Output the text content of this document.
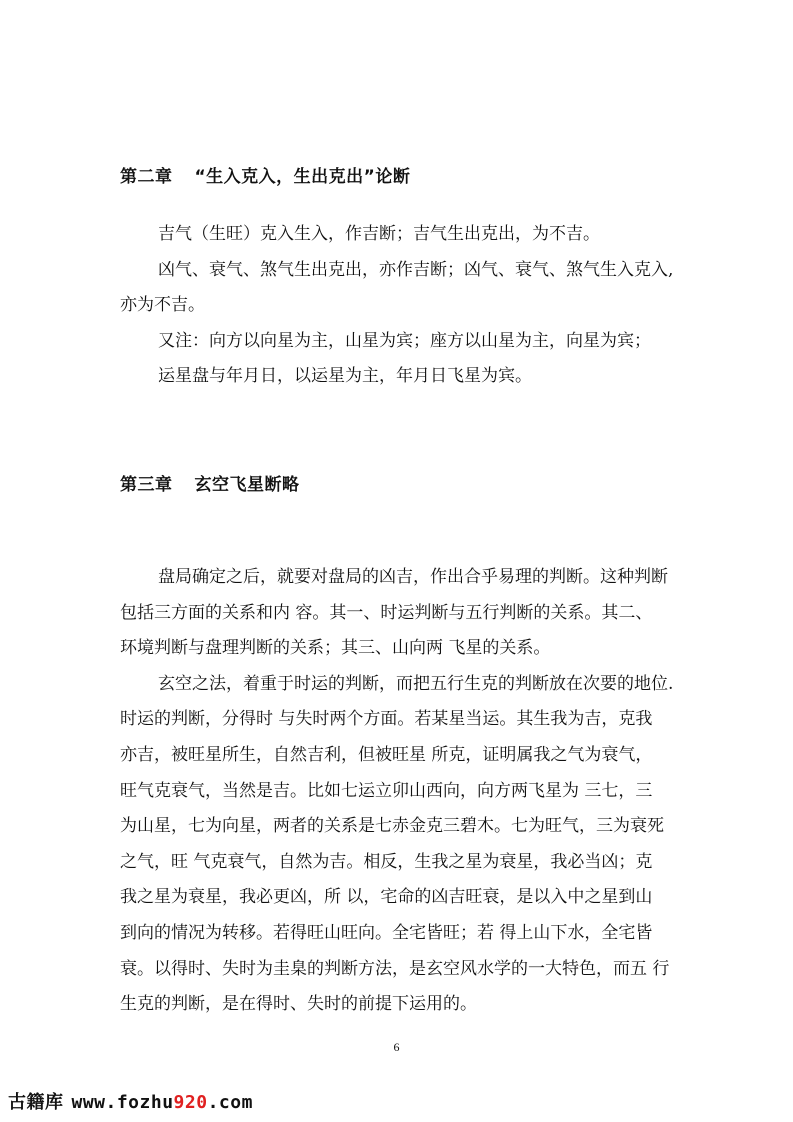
第二章 “生入克入，生出克出”论断
吉气（生旺）克入生入，作吉断；吉气生出克出，为不吉。
凶气、衰气、煞气生出克出，亦作吉断；凶气、衰气、煞气生入克入,
亦为不吉。
又注：向方以向星为主，山星为宾；座方以山星为主，向星为宾；
运星盘与年月日，以运星为主，年月日飞星为宾。
第三章 玄空飞星断略
盘局确定之后，就要对盘局的凶吉，作出合乎易理的判断。这种判断
包括三方面的关系和内 容。其一、时运判断与五行判断的关系。其二、
环境判断与盘理判断的关系；其三、山向两 飞星的关系。
玄空之法，着重于时运的判断，而把五行生克的判断放在次要的地位.
时运的判断，分得时 与失时两个方面。若某星当运。其生我为吉，克我
亦吉，被旺星所生，自然吉利，但被旺星 所克，证明属我之气为衰气，
旺气克衰气，当然是吉。比如七运立卯山西向，向方两飞星为 三七，三
为山星，七为向星，两者的关系是七赤金克三碧木。七为旺气，三为衰死
之气，旺 气克衰气，自然为吉。相反，生我之星为衰星，我必当凶；克
我之星为衰星，我必更凶，所 以，宅命的凶吉旺衰，是以入中之星到山
到向的情况为转移。若得旺山旺向。全宅皆旺；若 得上山下水，全宅皆
衰。以得时、失时为圭臬的判断方法，是玄空风水学的一大特色，而五 行
生克的判断，是在得时、失时的前提下运用的。
6
古籍库 www.fozhu920.com
